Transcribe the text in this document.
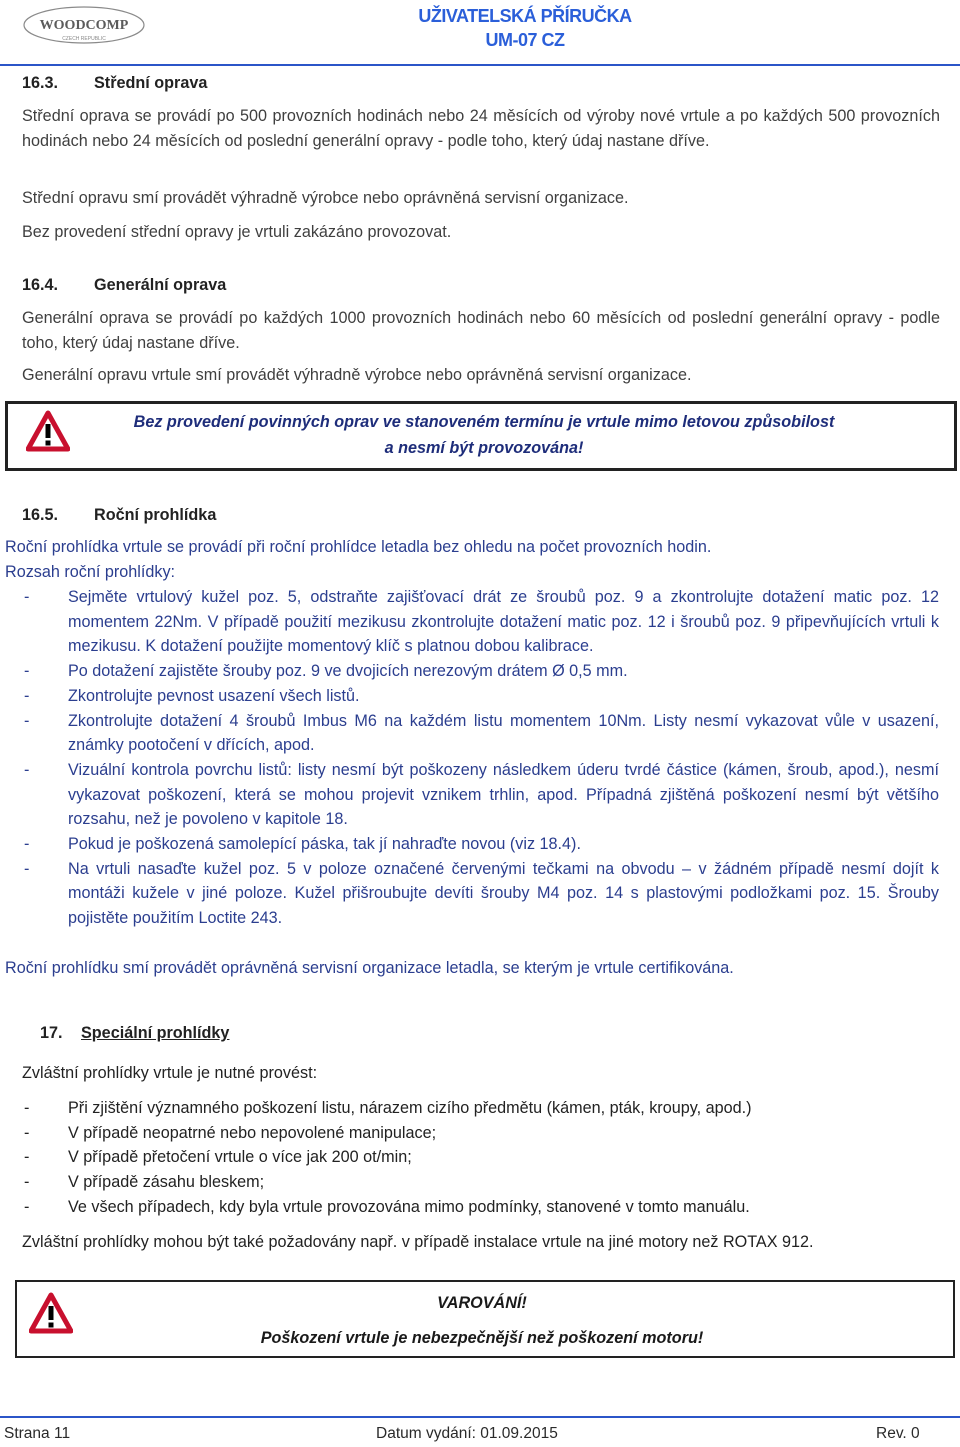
WOODCOMP
CZECH REPUBLIC
UŽIVATELSKÁ PŘÍRUČKA
UM-07 CZ
16.3. Střední oprava
Střední oprava se provádí po 500 provozních hodinách nebo 24 měsících od výroby nové vrtule a po každých 500 provozních hodinách nebo 24 měsících od poslední generální opravy - podle toho, který údaj nastane dříve.
Střední opravu smí provádět výhradně výrobce nebo oprávněná servisní organizace.
Bez provedení střední opravy je vrtuli zakázáno provozovat.
16.4. Generální oprava
Generální oprava se provádí po každých 1000 provozních hodinách nebo 60 měsících od poslední generální opravy - podle toho, který údaj nastane dříve.
Generální opravu vrtule smí provádět výhradně výrobce nebo oprávněná servisní organizace.
Bez provedení povinných oprav ve stanoveném termínu je vrtule mimo letovou způsobilost
a nesmí být provozována!
16.5. Roční prohlídka
Roční prohlídka vrtule se provádí při roční prohlídce letadla bez ohledu na počet provozních hodin.
Rozsah roční prohlídky:
- Sejměte vrtulový kužel poz. 5, odstraňte zajišťovací drát ze šroubů poz. 9 a zkontrolujte dotažení matic poz. 12 momentem 22Nm. V případě použití mezikusu zkontrolujte dotažení matic poz. 12 i šroubů poz. 9 připevňujících vrtuli k mezikusu. K dotažení použijte momentový klíč s platnou dobou kalibrace.
- Po dotažení zajistěte šrouby poz. 9 ve dvojicích nerezovým drátem Ø 0,5 mm.
- Zkontrolujte pevnost usazení všech listů.
- Zkontrolujte dotažení 4 šroubů Imbus M6 na každém listu momentem 10Nm. Listy nesmí vykazovat vůle v usazení, známky pootočení v dřících, apod.
- Vizuální kontrola povrchu listů: listy nesmí být poškozeny následkem úderu tvrdé částice (kámen, šroub, apod.), nesmí vykazovat poškození, která se mohou projevit vznikem trhlin, apod. Případná zjištěná poškození nesmí být většího rozsahu, než je povoleno v kapitole 18.
- Pokud je poškozená samolepící páska, tak jí nahraďte novou (viz 18.4).
- Na vrtuli nasaďte kužel poz. 5 v poloze označené červenými tečkami na obvodu – v žádném případě nesmí dojít k montáži kužele v jiné poloze. Kužel přišroubujte devíti šrouby M4 poz. 14 s plastovými podložkami poz. 15. Šrouby pojistěte použitím Loctite 243.
Roční prohlídku smí provádět oprávněná servisní organizace letadla, se kterým je vrtule certifikována.
17. Speciální prohlídky
Zvláštní prohlídky vrtule je nutné provést:
- Při zjištění významného poškození listu, nárazem cizího předmětu (kámen, pták, kroupy, apod.)
- V případě neopatrné nebo nepovolené manipulace;
- V případě přetočení vrtule o více jak 200 ot/min;
- V případě zásahu bleskem;
- Ve všech případech, kdy byla vrtule provozována mimo podmínky, stanovené v tomto manuálu.
Zvláštní prohlídky mohou být také požadovány např. v případě instalace vrtule na jiné motory než ROTAX 912.
VAROVÁNÍ!
Poškození vrtule je nebezpečnější než poškození motoru!
Strana 11	Datum vydání: 01.09.2015	Rev. 0
